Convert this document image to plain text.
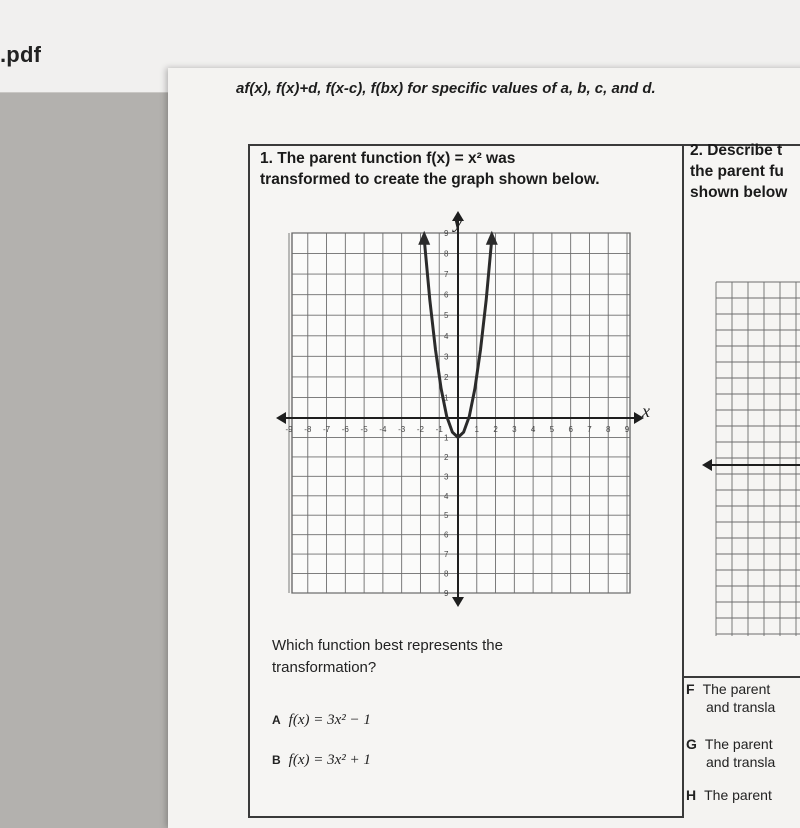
.pdf
af(x), f(x)+d, f(x-c), f(bx) for specific values of a, b, c, and d.
1. The parent function f(x) = x² was
transformed to create the graph shown below.
2. Describe t
the parent fu
shown below
-9 -8 -7 -6 -5 -4 -3 -2 -1	1 2 3 4 5 6 7 8 9
1
1
2
2
3
3
4
4
5
5
6
6
7
7
8
8
9
9
x
y
Which function best represents the
transformation?
A f(x) = 3x² − 1
B f(x) = 3x² + 1
F The parent
and transla
G The parent
and transla
H The parent
